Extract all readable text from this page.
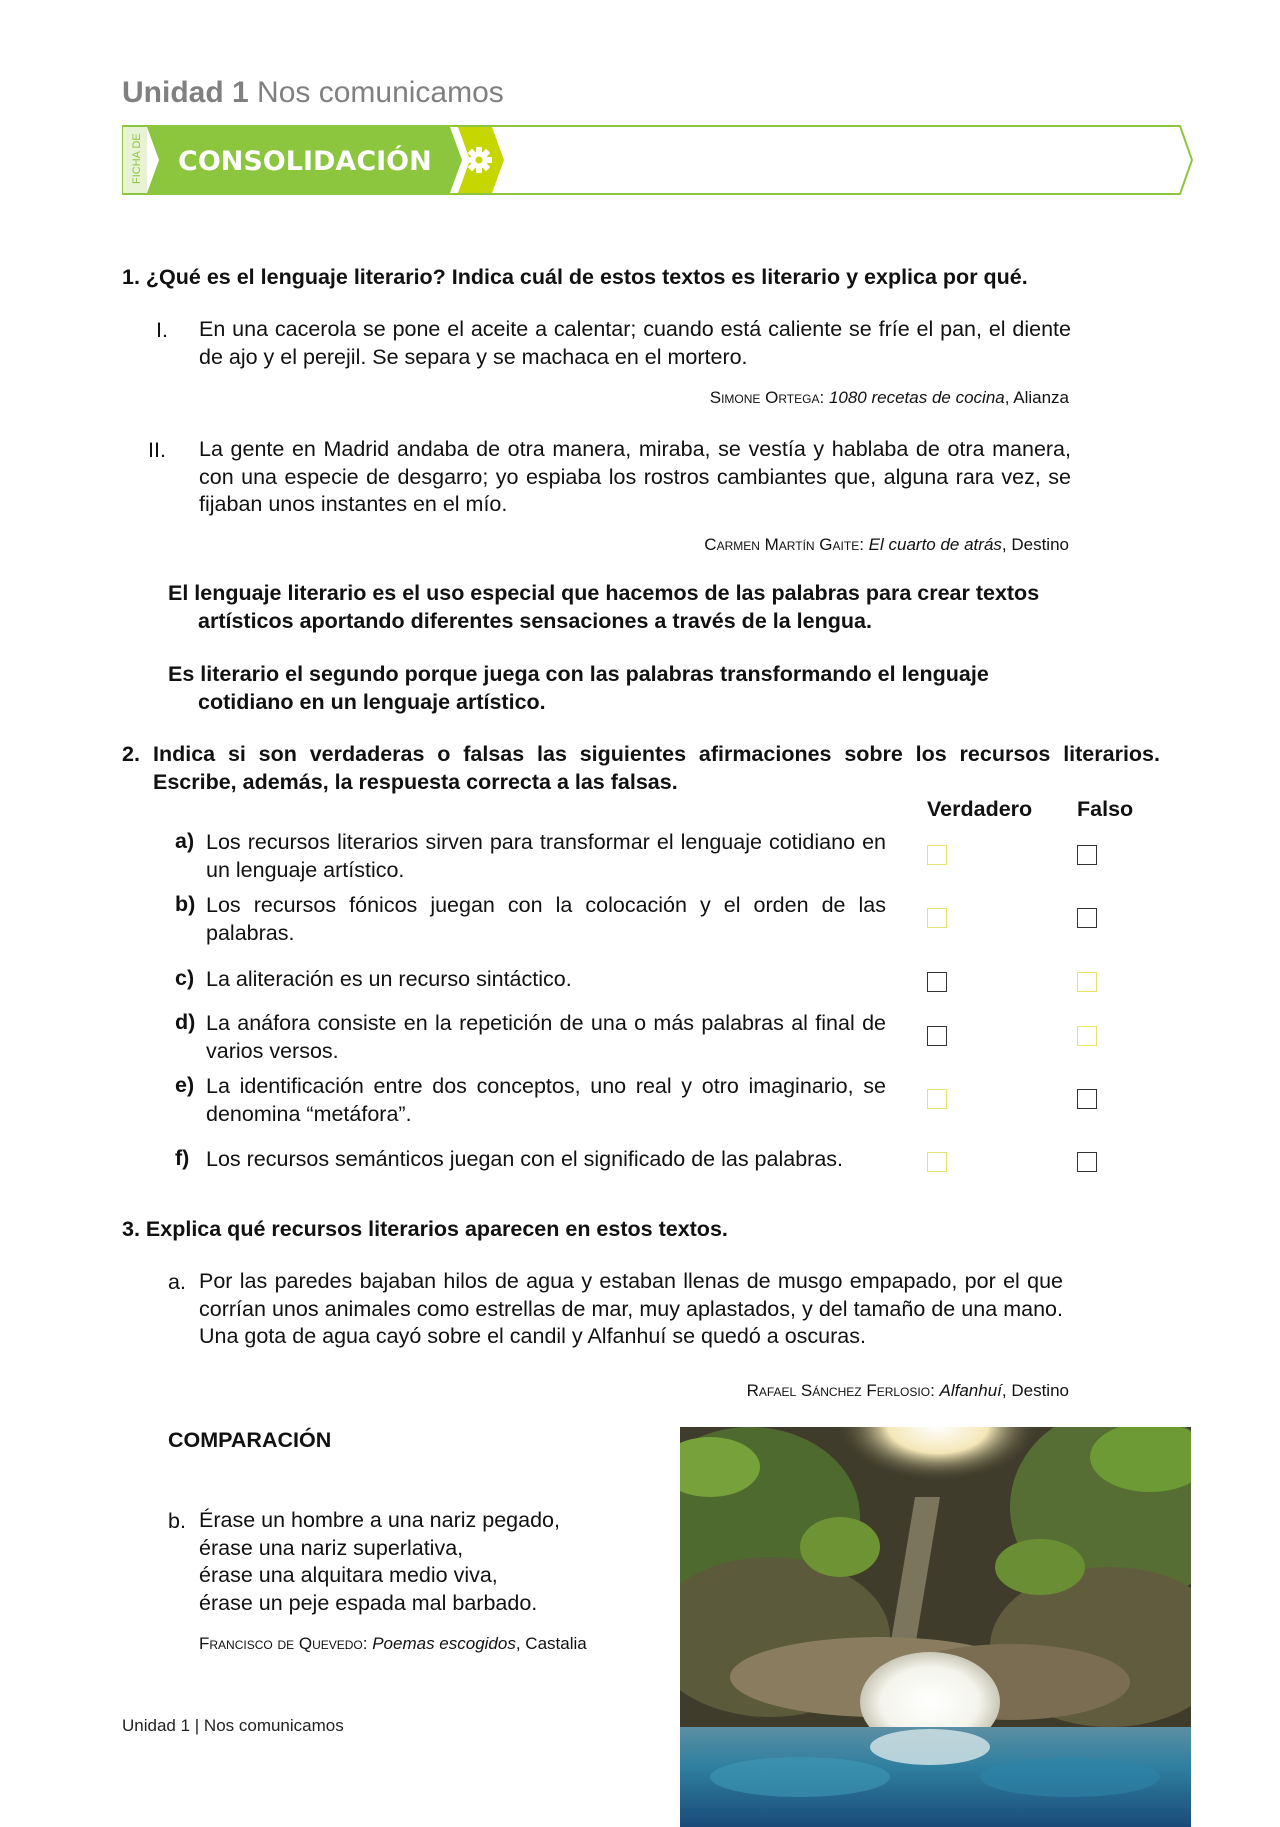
Unidad 1 Nos comunicamos
FICHA DE CONSOLIDACIÓN
1. ¿Qué es el lenguaje literario? Indica cuál de estos textos es literario y explica por qué.
I. En una cacerola se pone el aceite a calentar; cuando está caliente se fríe el pan, el diente de ajo y el perejil. Se separa y se machaca en el mortero.
Simone Ortega: 1080 recetas de cocina, Alianza
II. La gente en Madrid andaba de otra manera, miraba, se vestía y hablaba de otra manera, con una especie de desgarro; yo espiaba los rostros cambiantes que, alguna rara vez, se fijaban unos instantes en el mío.
Carmen Martín Gaite: El cuarto de atrás, Destino
El lenguaje literario es el uso especial que hacemos de las palabras para crear textos artísticos aportando diferentes sensaciones a través de la lengua.
Es literario el segundo porque juega con las palabras transformando el lenguaje cotidiano en un lenguaje artístico.
2. Indica si son verdaderas o falsas las siguientes afirmaciones sobre los recursos literarios. Escribe, además, la respuesta correcta a las falsas.
Verdadero Falso
a) Los recursos literarios sirven para transformar el lenguaje cotidiano en un lenguaje artístico.
b) Los recursos fónicos juegan con la colocación y el orden de las palabras.
c) La aliteración es un recurso sintáctico.
d) La anáfora consiste en la repetición de una o más palabras al final de varios versos.
e) La identificación entre dos conceptos, uno real y otro imaginario, se denomina “metáfora”.
f) Los recursos semánticos juegan con el significado de las palabras.
3. Explica qué recursos literarios aparecen en estos textos.
a. Por las paredes bajaban hilos de agua y estaban llenas de musgo empapado, por el que corrían unos animales como estrellas de mar, muy aplastados, y del tamaño de una mano. Una gota de agua cayó sobre el candil y Alfanhuí se quedó a oscuras.
Rafael Sánchez Ferlosio: Alfanhuí, Destino
COMPARACIÓN
b. Érase un hombre a una nariz pegado,
érase una nariz superlativa,
érase una alquitara medio viva,
érase un peje espada mal barbado.
Francisco de Quevedo: Poemas escogidos, Castalia
Unidad 1 | Nos comunicamos
